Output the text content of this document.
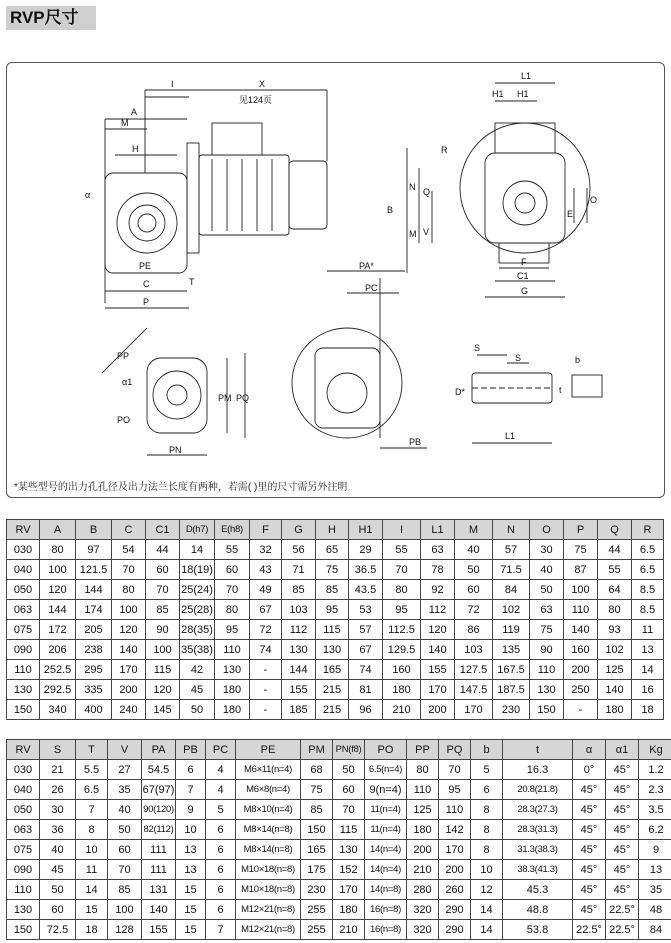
RVP尺寸
I	X
见124页
A
M
H
α
PE
C	T
P
L1
H1 H1
R
N Q
B
M V
E
O
F
C1
G
PA*
PC
PB
PP
α1
PO
PM PQ
PN
S
S	b
t
D*
L1
*某些型号的出力孔孔径及出力法兰长度有两种，若需( )里的尺寸需另外注明
RV	A	B	C	C1	D(h7)	E(h8)	F	G	H	H1	I	L1	M	N	O	P	Q	R
030	80	97	54	44	14	55	32	56	65	29	55	63	40	57	30	75	44	6.5
040	100	121.5	70	60	18(19)	60	43	71	75	36.5	70	78	50	71.5	40	87	55	6.5
050	120	144	80	70	25(24)	70	49	85	85	43.5	80	92	60	84	50	100	64	8.5
063	144	174	100	85	25(28)	80	67	103	95	53	95	112	72	102	63	110	80	8.5
075	172	205	120	90	28(35)	95	72	112	115	57	112.5	120	86	119	75	140	93	11
090	206	238	140	100	35(38)	110	74	130	130	67	129.5	140	103	135	90	160	102	13
110	252.5	295	170	115	42	130	-	144	165	74	160	155	127.5	167.5	110	200	125	14
130	292.5	335	200	120	45	180	-	155	215	81	180	170	147.5	187.5	130	250	140	16
150	340	400	240	145	50	180	-	185	215	96	210	200	170	230	150	-	180	18
RV	S	T	V	PA	PB	PC	PE	PM	PN(f8)	PO	PP	PQ	b	t	α	α1	Kg
030	21	5.5	27	54.5	6	4	M6×11(n=4)	68	50	6.5(n=4)	80	70	5	16.3	0°	45°	1.2
040	26	6.5	35	67(97)	7	4	M6×8(n=4)	75	60	9(n=4)	110	95	6	20.8(21.8)	45°	45°	2.3
050	30	7	40	90(120)	9	5	M8×10(n=4)	85	70	11(n=4)	125	110	8	28.3(27.3)	45°	45°	3.5
063	36	8	50	82(112)	10	6	M8×14(n=8)	150	115	11(n=4)	180	142	8	28.3(31.3)	45°	45°	6.2
075	40	10	60	111	13	6	M8×14(n=8)	165	130	14(n=4)	200	170	8	31.3(38.3)	45°	45°	9
090	45	11	70	111	13	6	M10×18(n=8)	175	152	14(n=4)	210	200	10	38.3(41.3)	45°	45°	13
110	50	14	85	131	15	6	M10×18(n=8)	230	170	14(n=8)	280	260	12	45.3	45°	45°	35
130	60	15	100	140	15	6	M12×21(n=8)	255	180	16(n=8)	320	290	14	48.8	45°	22.5°	48
150	72.5	18	128	155	15	7	M12×21(n=8)	255	210	16(n=8)	320	290	14	53.8	22.5°	22.5°	84
